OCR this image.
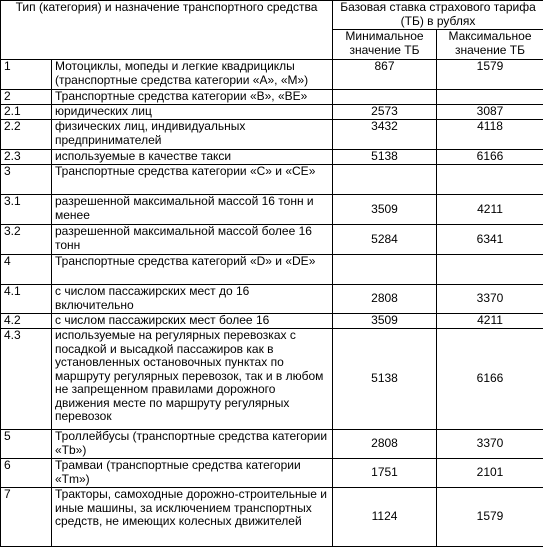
Тип (категория) и назначение транспортного средства		Базовая ставка страхового тарифа (ТБ) в рублях	
		Минимальное значение ТБ	Максимальное значение ТБ
1	Мотоциклы, мопеды и легкие квадрициклы (транспортные средства категории «А», «М»)	867	1579
2	Транспортные средства категории «В», «ВЕ»		
2.1	юридических лиц	2573	3087
2.2	физических лиц, индивидуальных предпринимателей	3432	4118
2.3	используемые в качестве такси	5138	6166
3	Транспортные средства категории «С» и «СЕ»		
3.1	разрешенной максимальной массой 16 тонн и менее	3509	4211
3.2	разрешенной максимальной массой более 16 тонн	5284	6341
4	Транспортные средства категорий «D» и «DЕ»		
4.1	с числом пассажирских мест до 16 включительно	2808	3370
4.2	с числом пассажирских мест более 16	3509	4211
4.3	используемые на регулярных перевозках с посадкой и высадкой пассажиров как в установленных остановочных пунктах по маршруту регулярных перевозок, так и в любом не запрещенном правилами дорожного движения месте по маршруту регулярных перевозок	5138	6166
5	Троллейбусы (транспортные средства категории «Tb»)	2808	3370
6	Трамваи (транспортные средства категории «Tm»)	1751	2101
7	Тракторы, самоходные дорожно-строительные и иные машины, за исключением транспортных средств, не имеющих колесных движителей	1124	1579
